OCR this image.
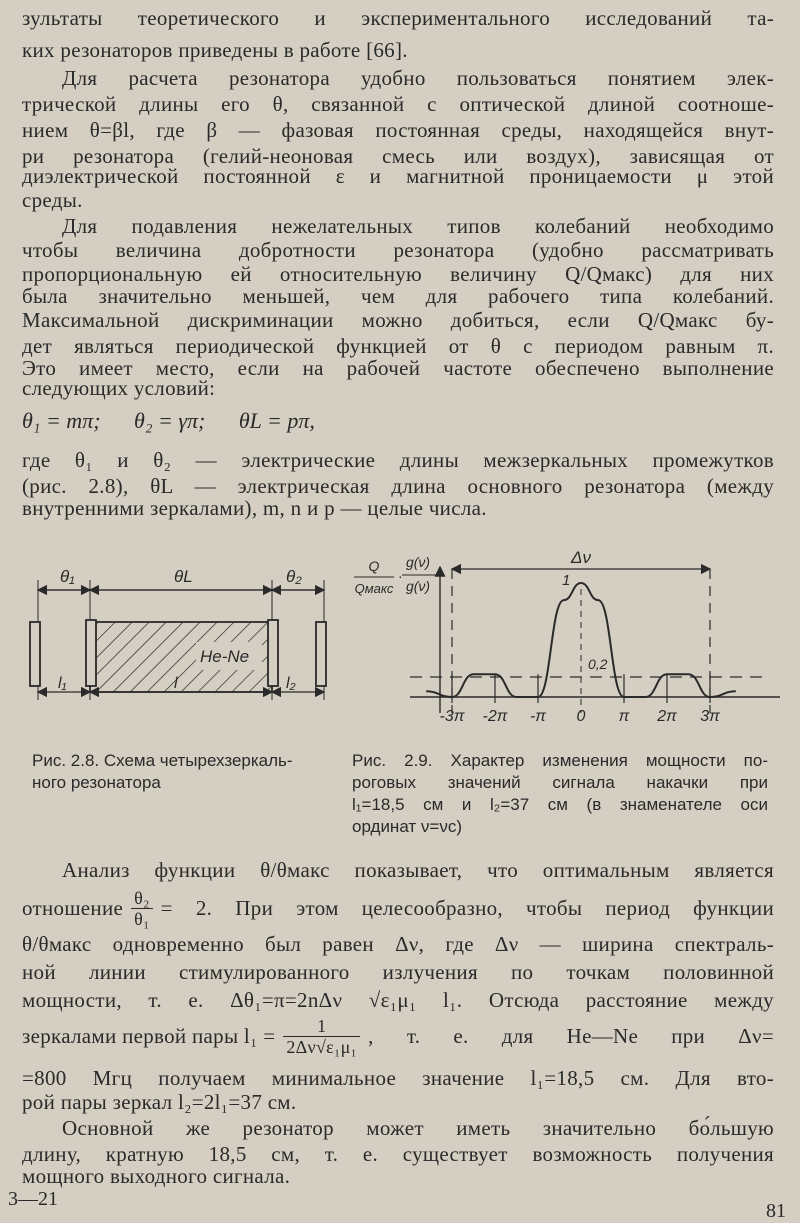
зультаты теоретического и экспериментального исследований та-
ких резонаторов приведены в работе [66].
Для расчета резонатора удобно пользоваться понятием элек-
трической длины его θ, связанной с оптической длиной соотноше-
нием θ=βl, где β — фазовая постоянная среды, находящейся внут-
ри резонатора (гелий-неоновая смесь или воздух), зависящая от
диэлектрической постоянной ε и магнитной проницаемости μ этой
среды.
Для подавления нежелательных типов колебаний необходимо
чтобы величина добротности резонатора (удобно рассматривать
пропорциональную ей относительную величину Q/Qмакс) для них
была значительно меньшей, чем для рабочего типа колебаний.
Максимальной дискриминации можно добиться, если Q/Qмакс бу-
дет являться периодической функцией от θ с периодом равным π.
Это имеет место, если на рабочей частоте обеспечено выполнение
следующих условий:
θ₁ = mπ; θ₂ = γπ; θL = pπ,
где θ₁ и θ₂ — электрические длины межзеркальных промежутков
(рис. 2.8), θL — электрическая длина основного резонатора (между
внутренними зеркалами), m, n и p — целые числа.
θ₁	θL	θ₂
He-Ne
l₁	l	l₂
Рис. 2.8. Схема четырехзеркаль-
ного резонатора
Q
Qмакс
·
g(ν)
g(ν)
Δν
1
0,2
-3π -2π -π 0 π 2π 3π
Рис. 2.9. Характер изменения мощности по-
роговых значений сигнала накачки при
l₁=18,5 см и l₂=37 см (в знаменателе оси
ординат ν=νc)
Анализ функции θ/θмакс показывает, что оптимальным является
отношение $\frac{\text{θ₂}}{\text{θ₁}} = 2$. При этом целесообразно, чтобы период функции
θ/θмакс одновременно был равен Δν, где Δν — ширина спектраль-
ной линии стимулированного излучения по точкам половинной
мощности, т. е. Δθ₁=π=2nΔν √ε₁μ₁ l₁. Отсюда расстояние между
зеркалами первой пары $l_1 = \frac{1}{\text{2Δν√ε₁μ₁}}$ , т. е. для He—Ne при Δν=
=800 Мгц получаем минимальное значение l₁=18,5 см. Для вто-
рой пары зеркал l₂=2l₁=37 см.
Основной же резонатор может иметь значительно бо́льшую
длину, кратную 18,5 см, т. е. существует возможность получения
мощного выходного сигнала.
3—21
81
